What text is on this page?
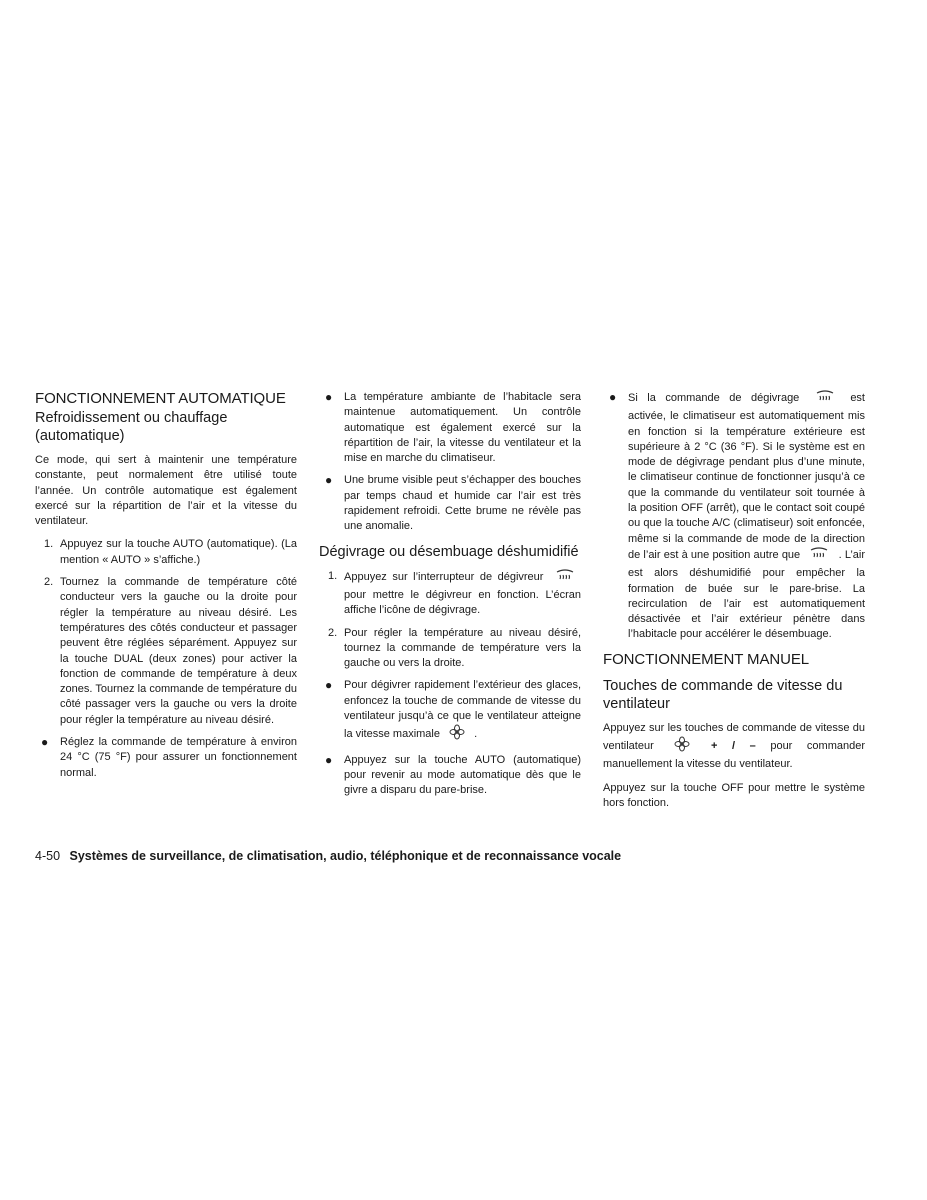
FONCTIONNEMENT AUTOMATIQUE
Refroidissement ou chauffage (automatique)

Ce mode, qui sert à maintenir une température constante, peut normalement être utilisé toute l’année. Un contrôle automatique est également exercé sur la répartition de l’air et la vitesse du ventilateur.

1. Appuyez sur la touche AUTO (automatique). (La mention « AUTO » s’affiche.)
2. Tournez la commande de température côté conducteur vers la gauche ou la droite pour régler la température au niveau désiré. Les températures des côtés conducteur et passager peuvent être réglées séparément. Appuyez sur la touche DUAL (deux zones) pour activer la fonction de commande de température à deux zones. Tournez la commande de température du côté passager vers la gauche ou vers la droite pour régler la température au niveau désiré.
● Réglez la commande de température à environ 24 °C (75 °F) pour assurer un fonctionnement normal.
● La température ambiante de l’habitacle sera maintenue automatiquement. Un contrôle automatique est également exercé sur la répartition de l’air, la vitesse du ventilateur et la mise en marche du climatiseur.
● Une brume visible peut s’échapper des bouches par temps chaud et humide car l’air est très rapidement refroidi. Cette brume ne révèle pas une anomalie.
Dégivrage ou désembuage déshumidifié
1. Appuyez sur l’interrupteur de dégivreur  pour mettre le dégivreur en fonction. L’écran affiche l’icône de dégivrage.
2. Pour régler la température au niveau désiré, tournez la commande de température vers la gauche ou vers la droite.
● Pour dégivrer rapidement l’extérieur des glaces, enfoncez la touche de commande de vitesse du ventilateur jusqu’à ce que le ventilateur atteigne la vitesse maximale	.
● Appuyez sur la touche AUTO (automatique) pour revenir au mode automatique dès que le givre a disparu du pare-brise.
● Si la commande de dégivrage	est activée, le climatiseur est automatiquement mis en fonction si la température extérieure est supérieure à 2 °C (36 °F). Si le système est en mode de dégivrage pendant plus d’une minute, le climatiseur continue de fonctionner jusqu’à ce que la commande du ventilateur soit tournée à la position OFF (arrêt), que le contact soit coupé ou que la touche A/C (climatiseur) soit enfoncée, même si la commande de mode de la direction de l’air est à une position autre que	. L’air est alors déshumidifié pour empêcher la formation de buée sur le pare-brise. La recirculation de l’air est automatiquement désactivée et l’air extérieur pénètre dans l’habitacle pour accélérer le désembuage.
FONCTIONNEMENT MANUEL
Touches de commande de vitesse du ventilateur

Appuyez sur les touches de commande de vitesse du ventilateur	+ / – pour commander manuellement la vitesse du ventilateur.

Appuyez sur la touche OFF pour mettre le système hors fonction.

4-50 Systèmes de surveillance, de climatisation, audio, téléphonique et de reconnaissance vocale
